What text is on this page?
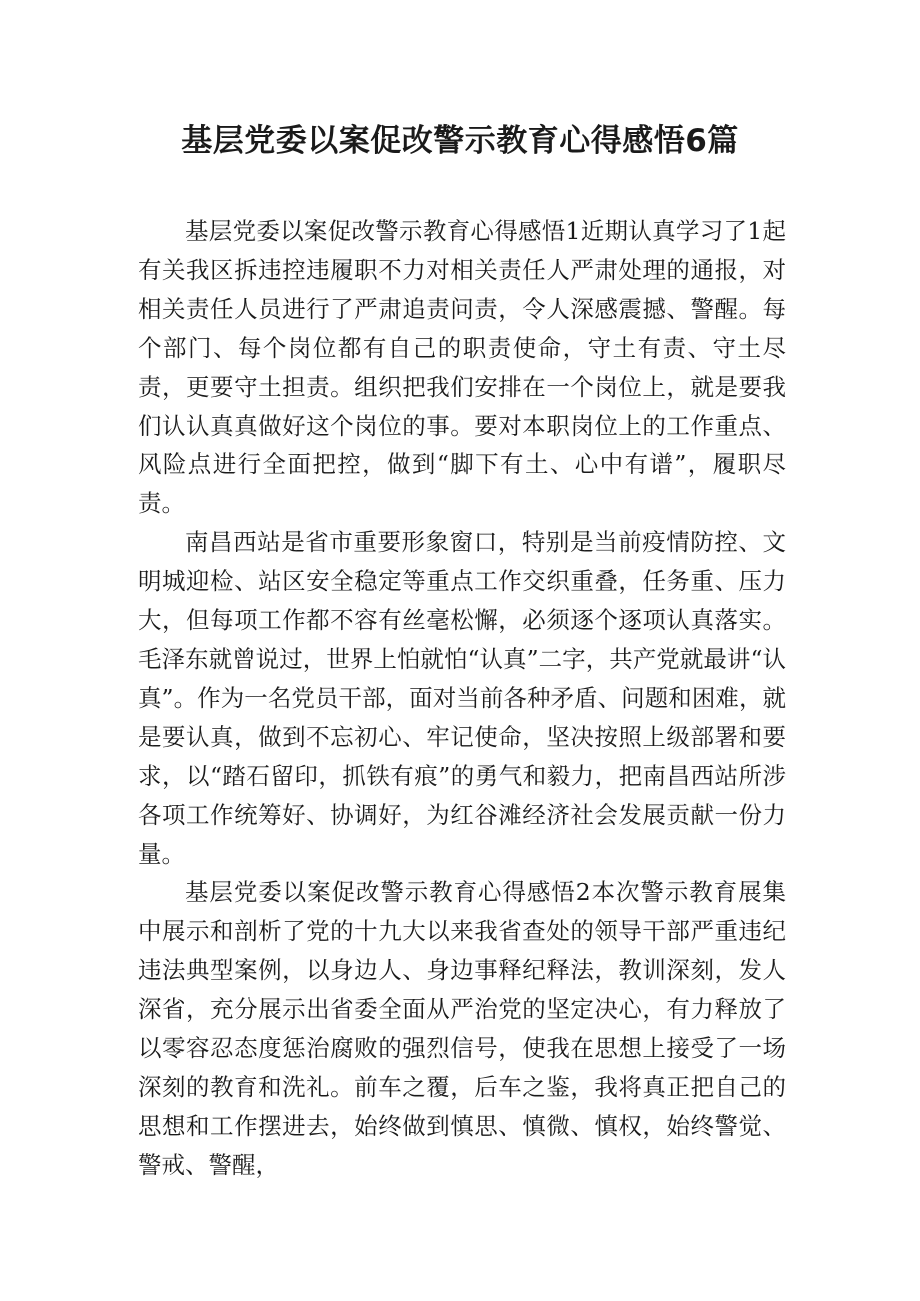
基层党委以案促改警示教育心得感悟6篇

基层党委以案促改警示教育心得感悟1近期认真学习了1起有关我区拆违控违履职不力对相关责任人严肃处理的通报，对相关责任人员进行了严肃追责问责，令人深感震撼、警醒。每个部门、每个岗位都有自己的职责使命，守土有责、守土尽责，更要守土担责。组织把我们安排在一个岗位上，就是要我们认认真真做好这个岗位的事。要对本职岗位上的工作重点、风险点进行全面把控，做到“脚下有土、心中有谱”，履职尽责。

南昌西站是省市重要形象窗口，特别是当前疫情防控、文明城迎检、站区安全稳定等重点工作交织重叠，任务重、压力大，但每项工作都不容有丝毫松懈，必须逐个逐项认真落实。毛泽东就曾说过，世界上怕就怕“认真”二字，共产党就最讲“认真”。作为一名党员干部，面对当前各种矛盾、问题和困难，就是要认真，做到不忘初心、牢记使命，坚决按照上级部署和要求，以“踏石留印，抓铁有痕”的勇气和毅力，把南昌西站所涉各项工作统筹好、协调好，为红谷滩经济社会发展贡献一份力量。

基层党委以案促改警示教育心得感悟2本次警示教育展集中展示和剖析了党的十九大以来我省查处的领导干部严重违纪违法典型案例，以身边人、身边事释纪释法，教训深刻，发人深省，充分展示出省委全面从严治党的坚定决心，有力释放了以零容忍态度惩治腐败的强烈信号，使我在思想上接受了一场深刻的教育和洗礼。前车之覆，后车之鉴，我将真正把自己的思想和工作摆进去，始终做到慎思、慎微、慎权，始终警觉、警戒、警醒，
